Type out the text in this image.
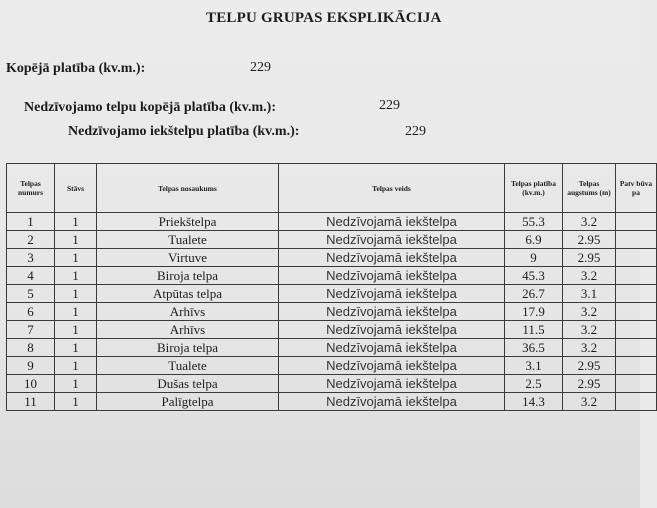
TELPU GRUPAS EKSPLIKĀCIJA
Kopējā platība (kv.m.):	229
Nedzīvojamo telpu kopējā platība (kv.m.):	229
Nedzīvojamo iekštelpu platība (kv.m.):	229
Telpas numurs	Stāvs	Telpas nosaukums	Telpas veids	Telpas platība (kv.m.)	Telpas augstums (m)	Patv būva pa
1	1	Priekštelpa	Nedzīvojamā iekštelpa	55.3	3.2	
2	1	Tualete	Nedzīvojamā iekštelpa	6.9	2.95	
3	1	Virtuve	Nedzīvojamā iekštelpa	9	2.95	
4	1	Biroja telpa	Nedzīvojamā iekštelpa	45.3	3.2	
5	1	Atpūtas telpa	Nedzīvojamā iekštelpa	26.7	3.1	
6	1	Arhīvs	Nedzīvojamā iekštelpa	17.9	3.2	
7	1	Arhīvs	Nedzīvojamā iekštelpa	11.5	3.2	
8	1	Biroja telpa	Nedzīvojamā iekštelpa	36.5	3.2	
9	1	Tualete	Nedzīvojamā iekštelpa	3.1	2.95	
10	1	Dušas telpa	Nedzīvojamā iekštelpa	2.5	2.95	
11	1	Palīgtelpa	Nedzīvojamā iekštelpa	14.3	3.2	
